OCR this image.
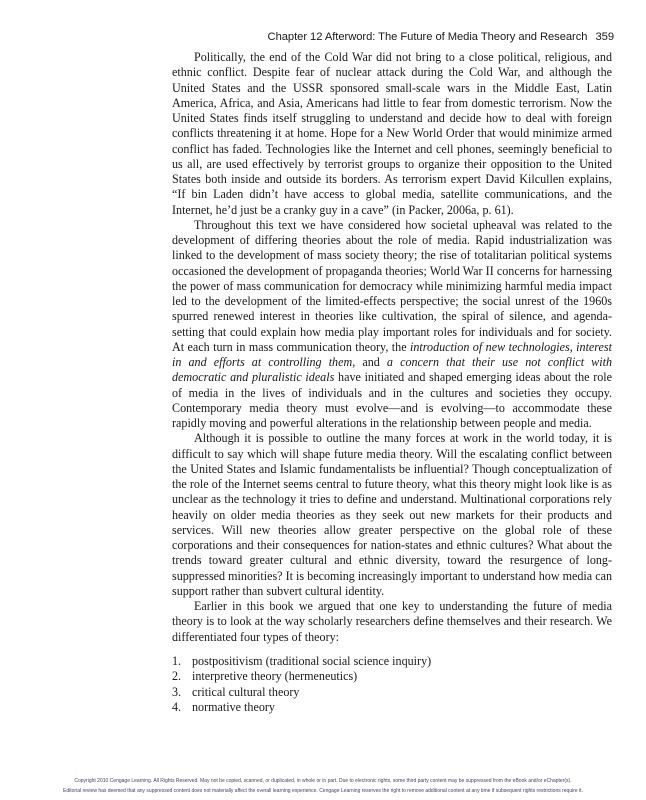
Chapter 12 Afterword: The Future of Media Theory and Research 359

Politically, the end of the Cold War did not bring to a close political, religious, and ethnic conflict. Despite fear of nuclear attack during the Cold War, and although the United States and the USSR sponsored small-scale wars in the Middle East, Latin America, Africa, and Asia, Americans had little to fear from domestic terrorism. Now the United States finds itself struggling to understand and decide how to deal with foreign conflicts threatening it at home. Hope for a New World Order that would minimize armed conflict has faded. Technologies like the Internet and cell phones, seemingly beneficial to us all, are used effectively by terrorist groups to organize their opposition to the United States both inside and outside its borders. As terrorism expert David Kilcullen explains, “If bin Laden didn’t have access to global media, satellite communications, and the Internet, he’d just be a cranky guy in a cave” (in Packer, 2006a, p. 61).

Throughout this text we have considered how societal upheaval was related to the development of differing theories about the role of media. Rapid industrialization was linked to the development of mass society theory; the rise of totalitarian political systems occasioned the development of propaganda theories; World War II concerns for harnessing the power of mass communication for democracy while minimizing harmful media impact led to the development of the limited-effects perspective; the social unrest of the 1960s spurred renewed interest in theories like cultivation, the spiral of silence, and agenda-setting that could explain how media play important roles for individuals and for society. At each turn in mass communication theory, the introduction of new technologies, interest in and efforts at controlling them, and a concern that their use not conflict with democratic and pluralistic ideals have initiated and shaped emerging ideas about the role of media in the lives of individuals and in the cultures and societies they occupy. Contemporary media theory must evolve—and is evolving—to accommodate these rapidly moving and powerful alterations in the relationship between people and media.

Although it is possible to outline the many forces at work in the world today, it is difficult to say which will shape future media theory. Will the escalating conflict between the United States and Islamic fundamentalists be influential? Though conceptualization of the role of the Internet seems central to future theory, what this theory might look like is as unclear as the technology it tries to define and understand. Multinational corporations rely heavily on older media theories as they seek out new markets for their products and services. Will new theories allow greater perspective on the global role of these corporations and their consequences for nation-states and ethnic cultures? What about the trends toward greater cultural and ethnic diversity, toward the resurgence of long-suppressed minorities? It is becoming increasingly important to understand how media can support rather than subvert cultural identity.

Earlier in this book we argued that one key to understanding the future of media theory is to look at the way scholarly researchers define themselves and their research. We differentiated four types of theory:

1. postpositivism (traditional social science inquiry)
2. interpretive theory (hermeneutics)
3. critical cultural theory
4. normative theory
Copyright 2010 Cengage Learning. All Rights Reserved. May not be copied, scanned, or duplicated, in whole or in part. Due to electronic rights, some third party content may be suppressed from the eBook and/or eChapter(s).
Editorial review has deemed that any suppressed content does not materially affect the overall learning experience. Cengage Learning reserves the right to remove additional content at any time if subsequent rights restrictions require it.
